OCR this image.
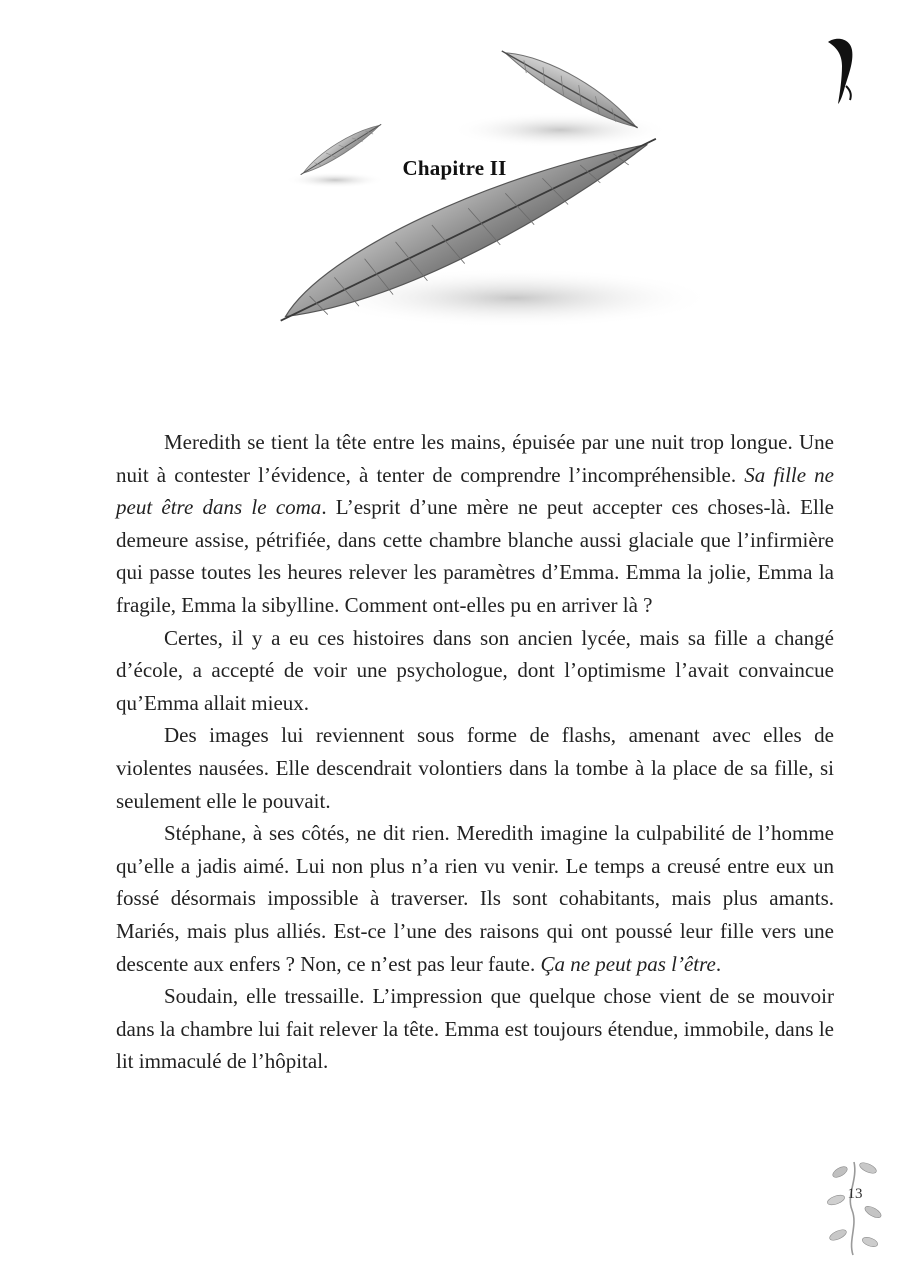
Chapitre II

Meredith se tient la tête entre les mains, épuisée par une nuit trop longue. Une nuit à contester l’évidence, à tenter de comprendre l’incompréhensible. Sa fille ne peut être dans le coma. L’esprit d’une mère ne peut accepter ces choses-là. Elle demeure assise, pétrifiée, dans cette chambre blanche aussi glaciale que l’infirmière qui passe toutes les heures relever les paramètres d’Emma. Emma la jolie, Emma la fragile, Emma la sibylline. Comment ont-elles pu en arriver là ?

Certes, il y a eu ces histoires dans son ancien lycée, mais sa fille a changé d’école, a accepté de voir une psychologue, dont l’optimisme l’avait convaincue qu’Emma allait mieux.

Des images lui reviennent sous forme de flashs, amenant avec elles de violentes nausées. Elle descendrait volontiers dans la tombe à la place de sa fille, si seulement elle le pouvait.

Stéphane, à ses côtés, ne dit rien. Meredith imagine la culpabilité de l’homme qu’elle a jadis aimé. Lui non plus n’a rien vu venir. Le temps a creusé entre eux un fossé désormais impossible à traverser. Ils sont cohabitants, mais plus amants. Mariés, mais plus alliés. Est-ce l’une des raisons qui ont poussé leur fille vers une descente aux enfers ? Non, ce n’est pas leur faute. Ça ne peut pas l’être.

Soudain, elle tressaille. L’impression que quelque chose vient de se mouvoir dans la chambre lui fait relever la tête. Emma est toujours étendue, immobile, dans le lit immaculé de l’hôpital.

13
